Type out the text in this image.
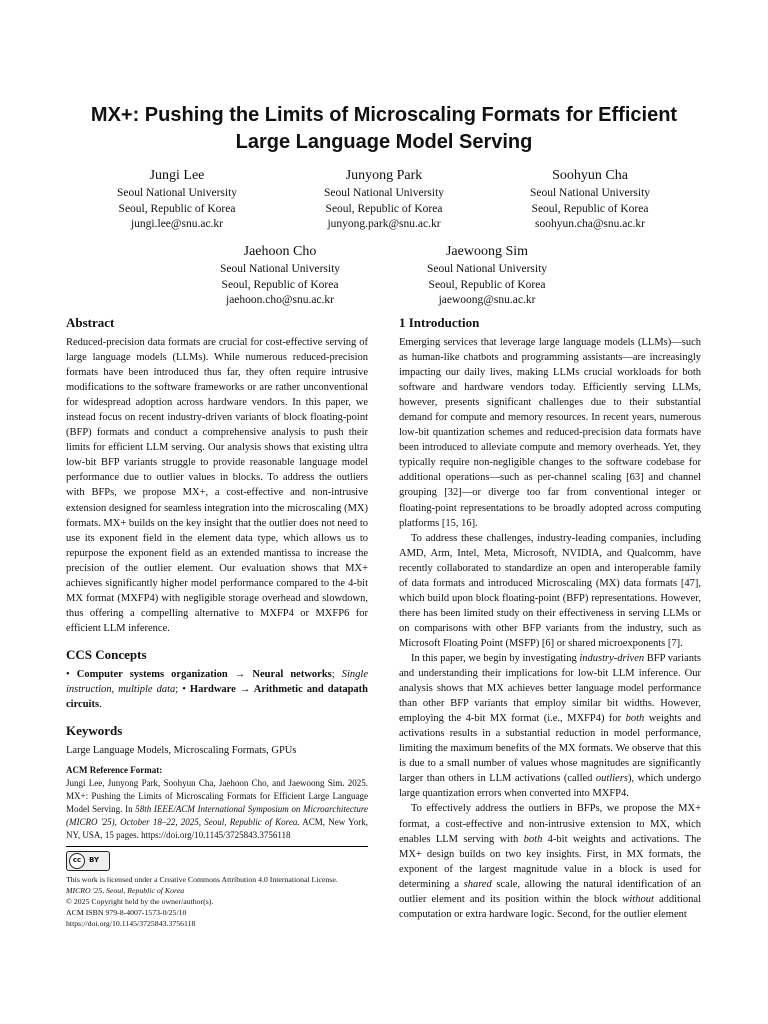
MX+: Pushing the Limits of Microscaling Formats for Efficient
Large Language Model Serving
Jungi Lee
Seoul National University
Seoul, Republic of Korea
jungi.lee@snu.ac.kr
Junyong Park
Seoul National University
Seoul, Republic of Korea
junyong.park@snu.ac.kr
Soohyun Cha
Seoul National University
Seoul, Republic of Korea
soohyun.cha@snu.ac.kr
Jaehoon Cho
Seoul National University
Seoul, Republic of Korea
jaehoon.cho@snu.ac.kr
Jaewoong Sim
Seoul National University
Seoul, Republic of Korea
jaewoong@snu.ac.kr
Abstract

Reduced-precision data formats are crucial for cost-effective serving of large language models (LLMs). While numerous reduced-precision formats have been introduced thus far, they often require intrusive modifications to the software frameworks or are rather unconventional for widespread adoption across hardware vendors. In this paper, we instead focus on recent industry-driven variants of block floating-point (BFP) formats and conduct a comprehensive analysis to push their limits for efficient LLM serving. Our analysis shows that existing ultra low-bit BFP variants struggle to provide reasonable language model performance due to outlier values in blocks. To address the outliers with BFPs, we propose MX+, a cost-effective and non-intrusive extension designed for seamless integration into the microscaling (MX) formats. MX+ builds on the key insight that the outlier does not need to use its exponent field in the element data type, which allows us to repurpose the exponent field as an extended mantissa to increase the precision of the outlier element. Our evaluation shows that MX+ achieves significantly higher model performance compared to the 4-bit MX format (MXFP4) with negligible storage overhead and slowdown, thus offering a compelling alternative to MXFP4 or MXFP6 for efficient LLM inference.

CCS Concepts

• Computer systems organization → Neural networks; Single instruction, multiple data; • Hardware → Arithmetic and datapath circuits.

Keywords

Large Language Models, Microscaling Formats, GPUs

ACM Reference Format:

Jungi Lee, Junyong Park, Soohyun Cha, Jaehoon Cho, and Jaewoong Sim. 2025. MX+: Pushing the Limits of Microscaling Formats for Efficient Large Language Model Serving. In 58th IEEE/ACM International Symposium on Microarchitecture (MICRO '25), October 18–22, 2025, Seoul, Republic of Korea. ACM, New York, NY, USA, 15 pages. https://doi.org/10.1145/3725843.3756118

cc	BY

This work is licensed under a Creative Commons Attribution 4.0 International License.

MICRO '25, Seoul, Republic of Korea

© 2025 Copyright held by the owner/author(s).

ACM ISBN 979-8-4007-1573-0/25/10

https://doi.org/10.1145/3725843.3756118

1 Introduction

Emerging services that leverage large language models (LLMs)—such as human-like chatbots and programming assistants—are increasingly impacting our daily lives, making LLMs crucial workloads for both software and hardware vendors today. Efficiently serving LLMs, however, presents significant challenges due to their substantial demand for compute and memory resources. In recent years, numerous low-bit quantization schemes and reduced-precision data formats have been introduced to alleviate compute and memory overheads. Yet, they typically require non-negligible changes to the software codebase for additional operations—such as per-channel scaling [63] and channel grouping [32]—or diverge too far from conventional integer or floating-point representations to be broadly adopted across computing platforms [15, 16].

To address these challenges, industry-leading companies, including AMD, Arm, Intel, Meta, Microsoft, NVIDIA, and Qualcomm, have recently collaborated to standardize an open and interoperable family of data formats and introduced Microscaling (MX) data formats [47], which build upon block floating-point (BFP) representations. However, there has been limited study on their effectiveness in serving LLMs or on comparisons with other BFP variants from the industry, such as Microsoft Floating Point (MSFP) [6] or shared microexponents [7].

In this paper, we begin by investigating industry-driven BFP variants and understanding their implications for low-bit LLM inference. Our analysis shows that MX achieves better language model performance than other BFP variants that employ similar bit widths. However, employing the 4-bit MX format (i.e., MXFP4) for both weights and activations results in a substantial reduction in model performance, limiting the maximum benefits of the MX formats. We observe that this is due to a small number of values whose magnitudes are significantly larger than others in LLM activations (called outliers), which undergo large quantization errors when converted into MXFP4.

To effectively address the outliers in BFPs, we propose the MX+ format, a cost-effective and non-intrusive extension to MX, which enables LLM serving with both 4-bit weights and activations. The MX+ design builds on two key insights. First, in MX formats, the exponent of the largest magnitude value in a block is used for determining a shared scale, allowing the natural identification of an outlier element and its position within the block without additional computation or extra hardware logic. Second, for the outlier element
